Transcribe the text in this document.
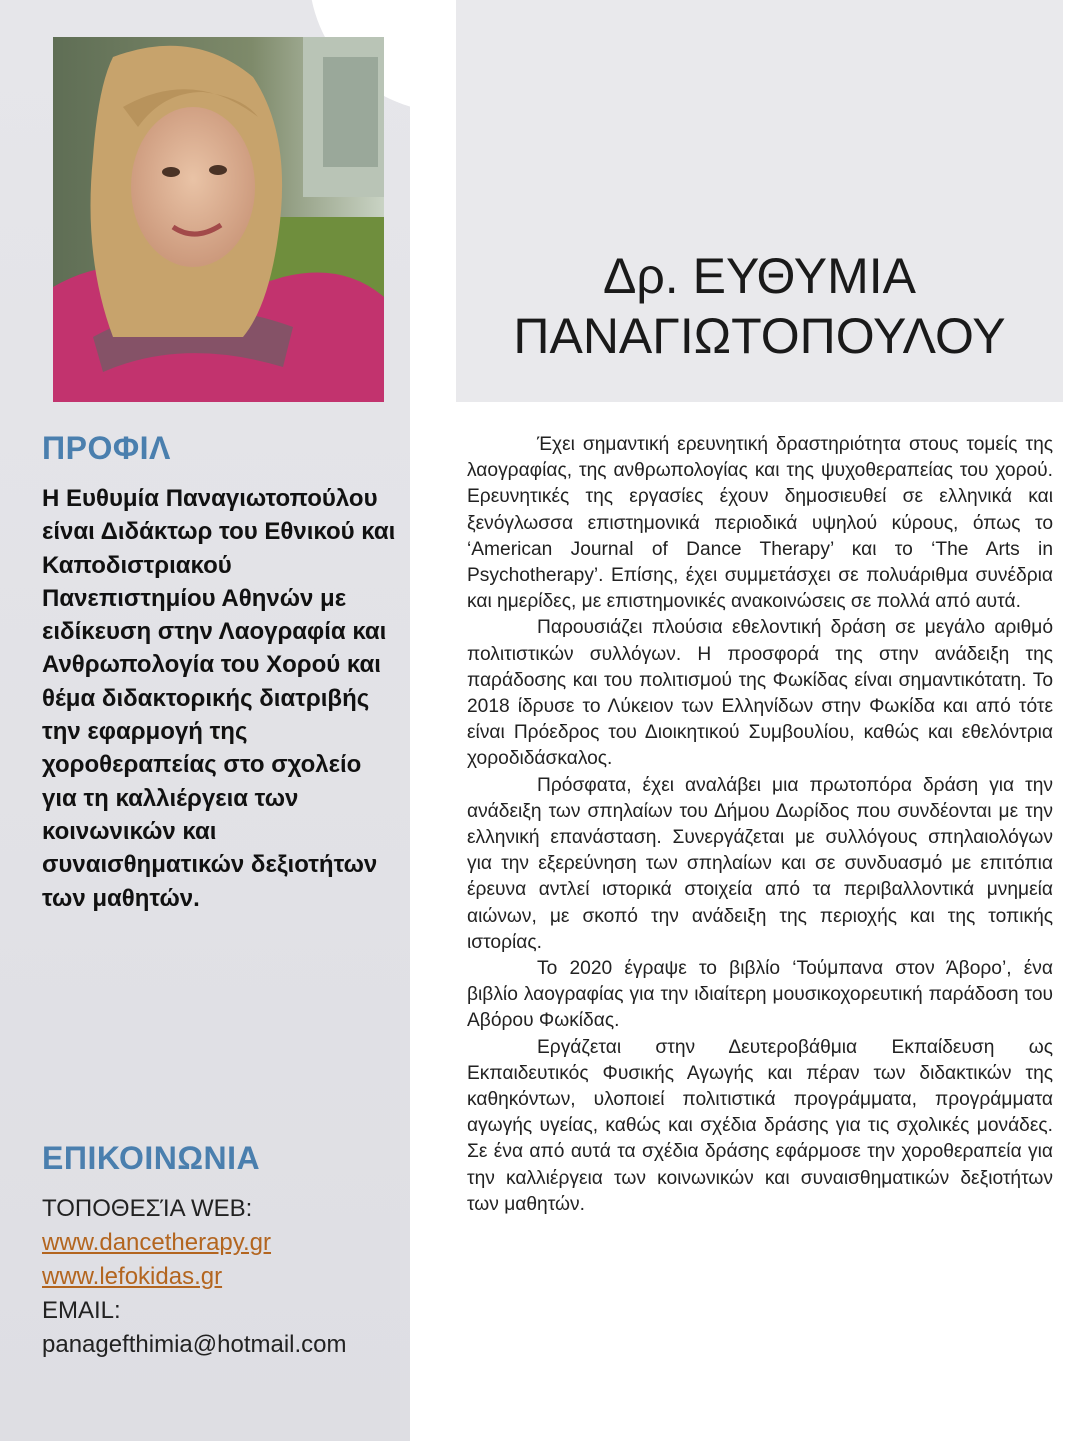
Δρ. ΕΥΘΥΜΙΑ
ΠΑΝΑΓΙΩΤΟΠΟΥΛΟΥ
ΠΡΟΦΙΛ
Η Ευθυμία Παναγιωτοπούλου είναι Διδάκτωρ του Εθνικού και Καποδιστριακού Πανεπιστημίου Αθηνών με ειδίκευση στην Λαογραφία και Ανθρωπολογία του Χορού και θέμα διδακτορικής διατριβής την εφαρμογή της χοροθεραπείας στο σχολείο για τη καλλιέργεια των κοινωνικών και συναισθηματικών δεξιοτήτων των μαθητών.
ΕΠΙΚΟΙΝΩΝΙΑ
ΤΟΠΟΘΕΣΊΑ WEB:
www.dancetherapy.gr
www.lefokidas.gr
EMAIL:
panagefthimia@hotmail.com

Έχει σημαντική ερευνητική δραστηριότητα στους τομείς της λαογραφίας, της ανθρωπολογίας και της ψυχοθεραπείας του χορού. Ερευνητικές της εργασίες έχουν δημοσιευθεί σε ελληνικά και ξενόγλωσσα επιστημονικά περιοδικά υψηλού κύρους, όπως το ‘American Journal of Dance Therapy’ και το ‘The Arts in Psychotherapy’. Επίσης, έχει συμμετάσχει σε πολυάριθμα συνέδρια και ημερίδες, με επιστημονικές ανακοινώσεις σε πολλά από αυτά.

Παρουσιάζει πλούσια εθελοντική δράση σε μεγάλο αριθμό πολιτιστικών συλλόγων. Η προσφορά της στην ανάδειξη της παράδοσης και του πολιτισμού της Φωκίδας είναι σημαντικότατη. Το 2018 ίδρυσε το Λύκειον των Ελληνίδων στην Φωκίδα και από τότε είναι Πρόεδρος του Διοικητικού Συμβουλίου, καθώς και εθελόντρια χοροδιδάσκαλος.

Πρόσφατα, έχει αναλάβει μια πρωτοπόρα δράση για την ανάδειξη των σπηλαίων του Δήμου Δωρίδος που συνδέονται με την ελληνική επανάσταση. Συνεργάζεται με συλλόγους σπηλαιολόγων για την εξερεύνηση των σπηλαίων και σε συνδυασμό με επιτόπια έρευνα αντλεί ιστορικά στοιχεία από τα περιβαλλοντικά μνημεία αιώνων, με σκοπό την ανάδειξη της περιοχής και της τοπικής ιστορίας.

Το 2020 έγραψε το βιβλίο ‘Τούμπανα στον Άβορο’, ένα βιβλίο λαογραφίας για την ιδιαίτερη μουσικοχορευτική παράδοση του Αβόρου Φωκίδας.

Εργάζεται στην Δευτεροβάθμια Εκπαίδευση ως Εκπαιδευτικός Φυσικής Αγωγής και πέραν των διδακτικών της καθηκόντων, υλοποιεί πολιτιστικά προγράμματα, προγράμματα αγωγής υγείας, καθώς και σχέδια δράσης για τις σχολικές μονάδες. Σε ένα από αυτά τα σχέδια δράσης εφάρμοσε την χοροθεραπεία για την καλλιέργεια των κοινωνικών και συναισθηματικών δεξιοτήτων των μαθητών.
